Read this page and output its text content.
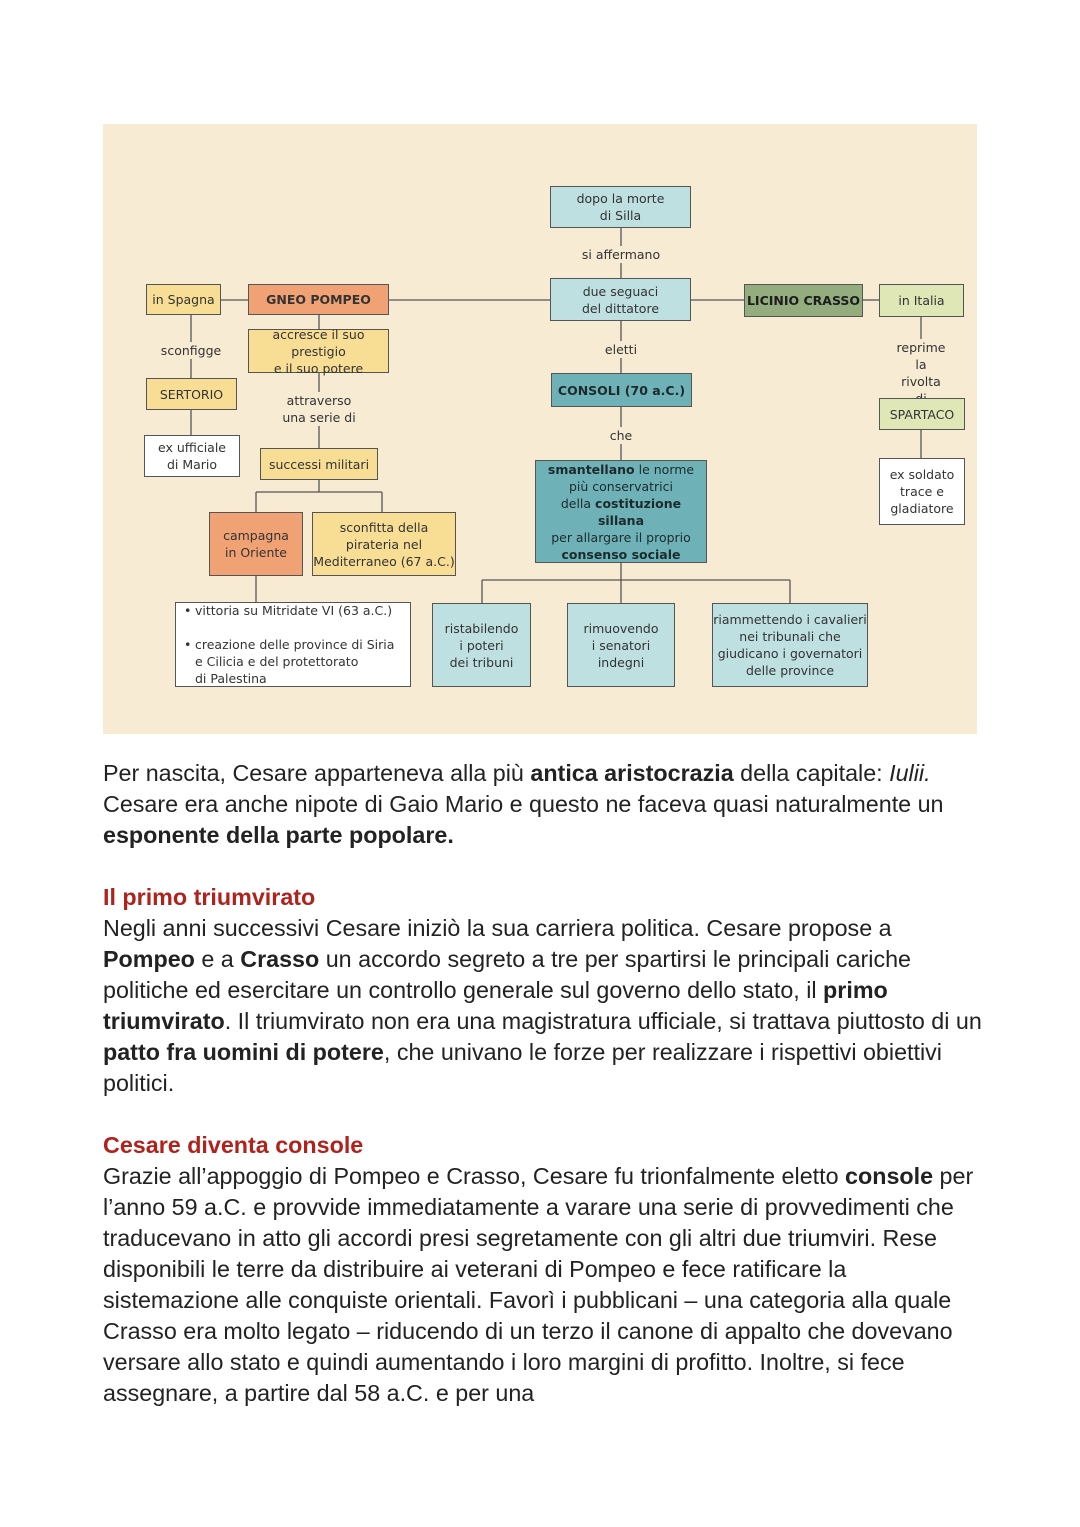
dopo la morte
di Silla
si affermano
due seguaci
del dittatore
eletti
CONSOLI (70 a.C.)
che
smantellano le norme
più conservatrici
della costituzione sillana
per allargare il proprio
consenso sociale
ristabilendo
i poteri
dei tribuni
rimuovendo
i senatori
indegni
riammettendo i cavalieri
nei tribunali che
giudicano i governatori
delle province
in Spagna	GNEO POMPEO
sconfigge
accresce il suo prestigio
e il suo potere
SERTORIO	attraverso
una serie di
ex ufficiale
di Mario	successi militari
campagna
in Oriente
sconfitta della
pirateria nel
Mediterraneo (67 a.C.)

• vittoria su Mitridate VI (63 a.C.)

• creazione delle province di Siria
e Cilicia e del protettorato
di Palestina

LICINIO CRASSO	in Italia
reprime
la rivolta
SPARTACO
ex soldato
trace e
gladiatore

Per nascita, Cesare apparteneva alla più antica aristocrazia della capitale: Iulii. Cesare era anche nipote di Gaio Mario e questo ne faceva quasi naturalmente un esponente della parte popolare.

Il primo triumvirato

Negli anni successivi Cesare iniziò la sua carriera politica. Cesare propose a Pompeo e a Crasso un accordo segreto a tre per spartirsi le principali cariche politiche ed esercitare un controllo generale sul governo dello stato, il primo triumvirato. Il triumvirato non era una magistratura ufficiale, si trattava piuttosto di un patto fra uomini di potere, che univano le forze per realizzare i rispettivi obiettivi politici.

Cesare diventa console

Grazie all’appoggio di Pompeo e Crasso, Cesare fu trionfalmente eletto console per l’anno 59 a.C. e provvide immediatamente a varare una serie di provvedimenti che traducevano in atto gli accordi presi segretamente con gli altri due triumviri. Rese disponibili le terre da distribuire ai veterani di Pompeo e fece ratificare la sistemazione alle conquiste orientali. Favorì i pubblicani – una categoria alla quale Crasso era molto legato – riducendo di un terzo il canone di appalto che dovevano versare allo stato e quindi aumentando i loro margini di profitto. Inoltre, si fece assegnare, a partire dal 58 a.C. e per una
